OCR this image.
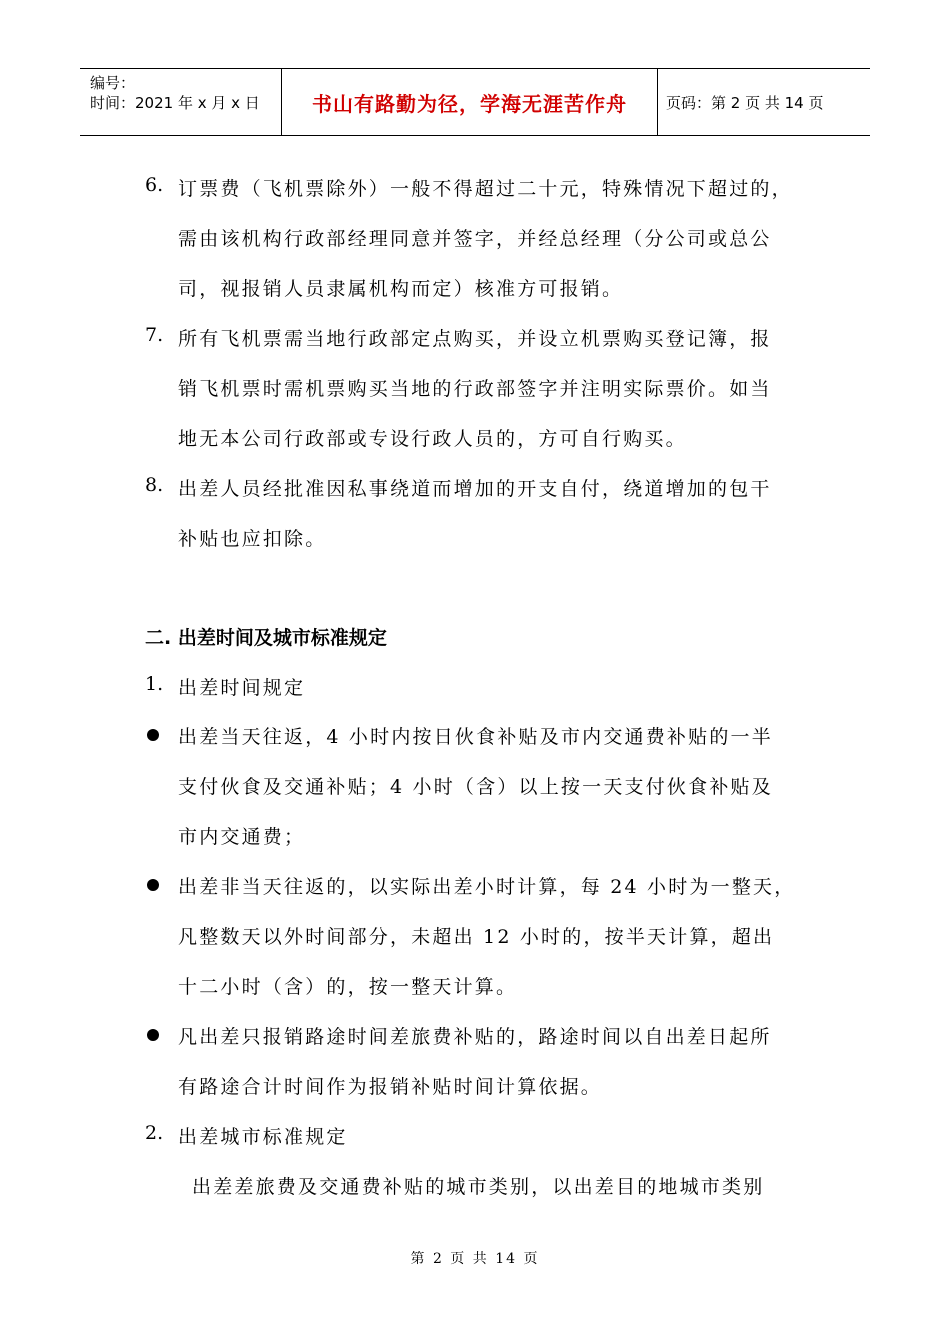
编号：
时间：2021 年 x 月 x 日	书山有路勤为径，学海无涯苦作舟	页码：第 2 页 共 14 页
6. 订票费（飞机票除外）一般不得超过二十元，特殊情况下超过的，
需由该机构行政部经理同意并签字，并经总经理（分公司或总公
司，视报销人员隶属机构而定）核准方可报销。
7. 所有飞机票需当地行政部定点购买，并设立机票购买登记簿，报
销飞机票时需机票购买当地的行政部签字并注明实际票价。如当
地无本公司行政部或专设行政人员的，方可自行购买。
8. 出差人员经批准因私事绕道而增加的开支自付，绕道增加的包干
补贴也应扣除。
二. 出差时间及城市标准规定
1. 出差时间规定
出差当天往返，4 小时内按日伙食补贴及市内交通费补贴的一半
支付伙食及交通补贴；4 小时（含）以上按一天支付伙食补贴及
市内交通费；
出差非当天往返的，以实际出差小时计算，每 24 小时为一整天，
凡整数天以外时间部分，未超出 12 小时的，按半天计算，超出
十二小时（含）的，按一整天计算。
凡出差只报销路途时间差旅费补贴的，路途时间以自出差日起所
有路途合计时间作为报销补贴时间计算依据。
2. 出差城市标准规定
出差差旅费及交通费补贴的城市类别，以出差目的地城市类别
第 2 页 共 14 页
